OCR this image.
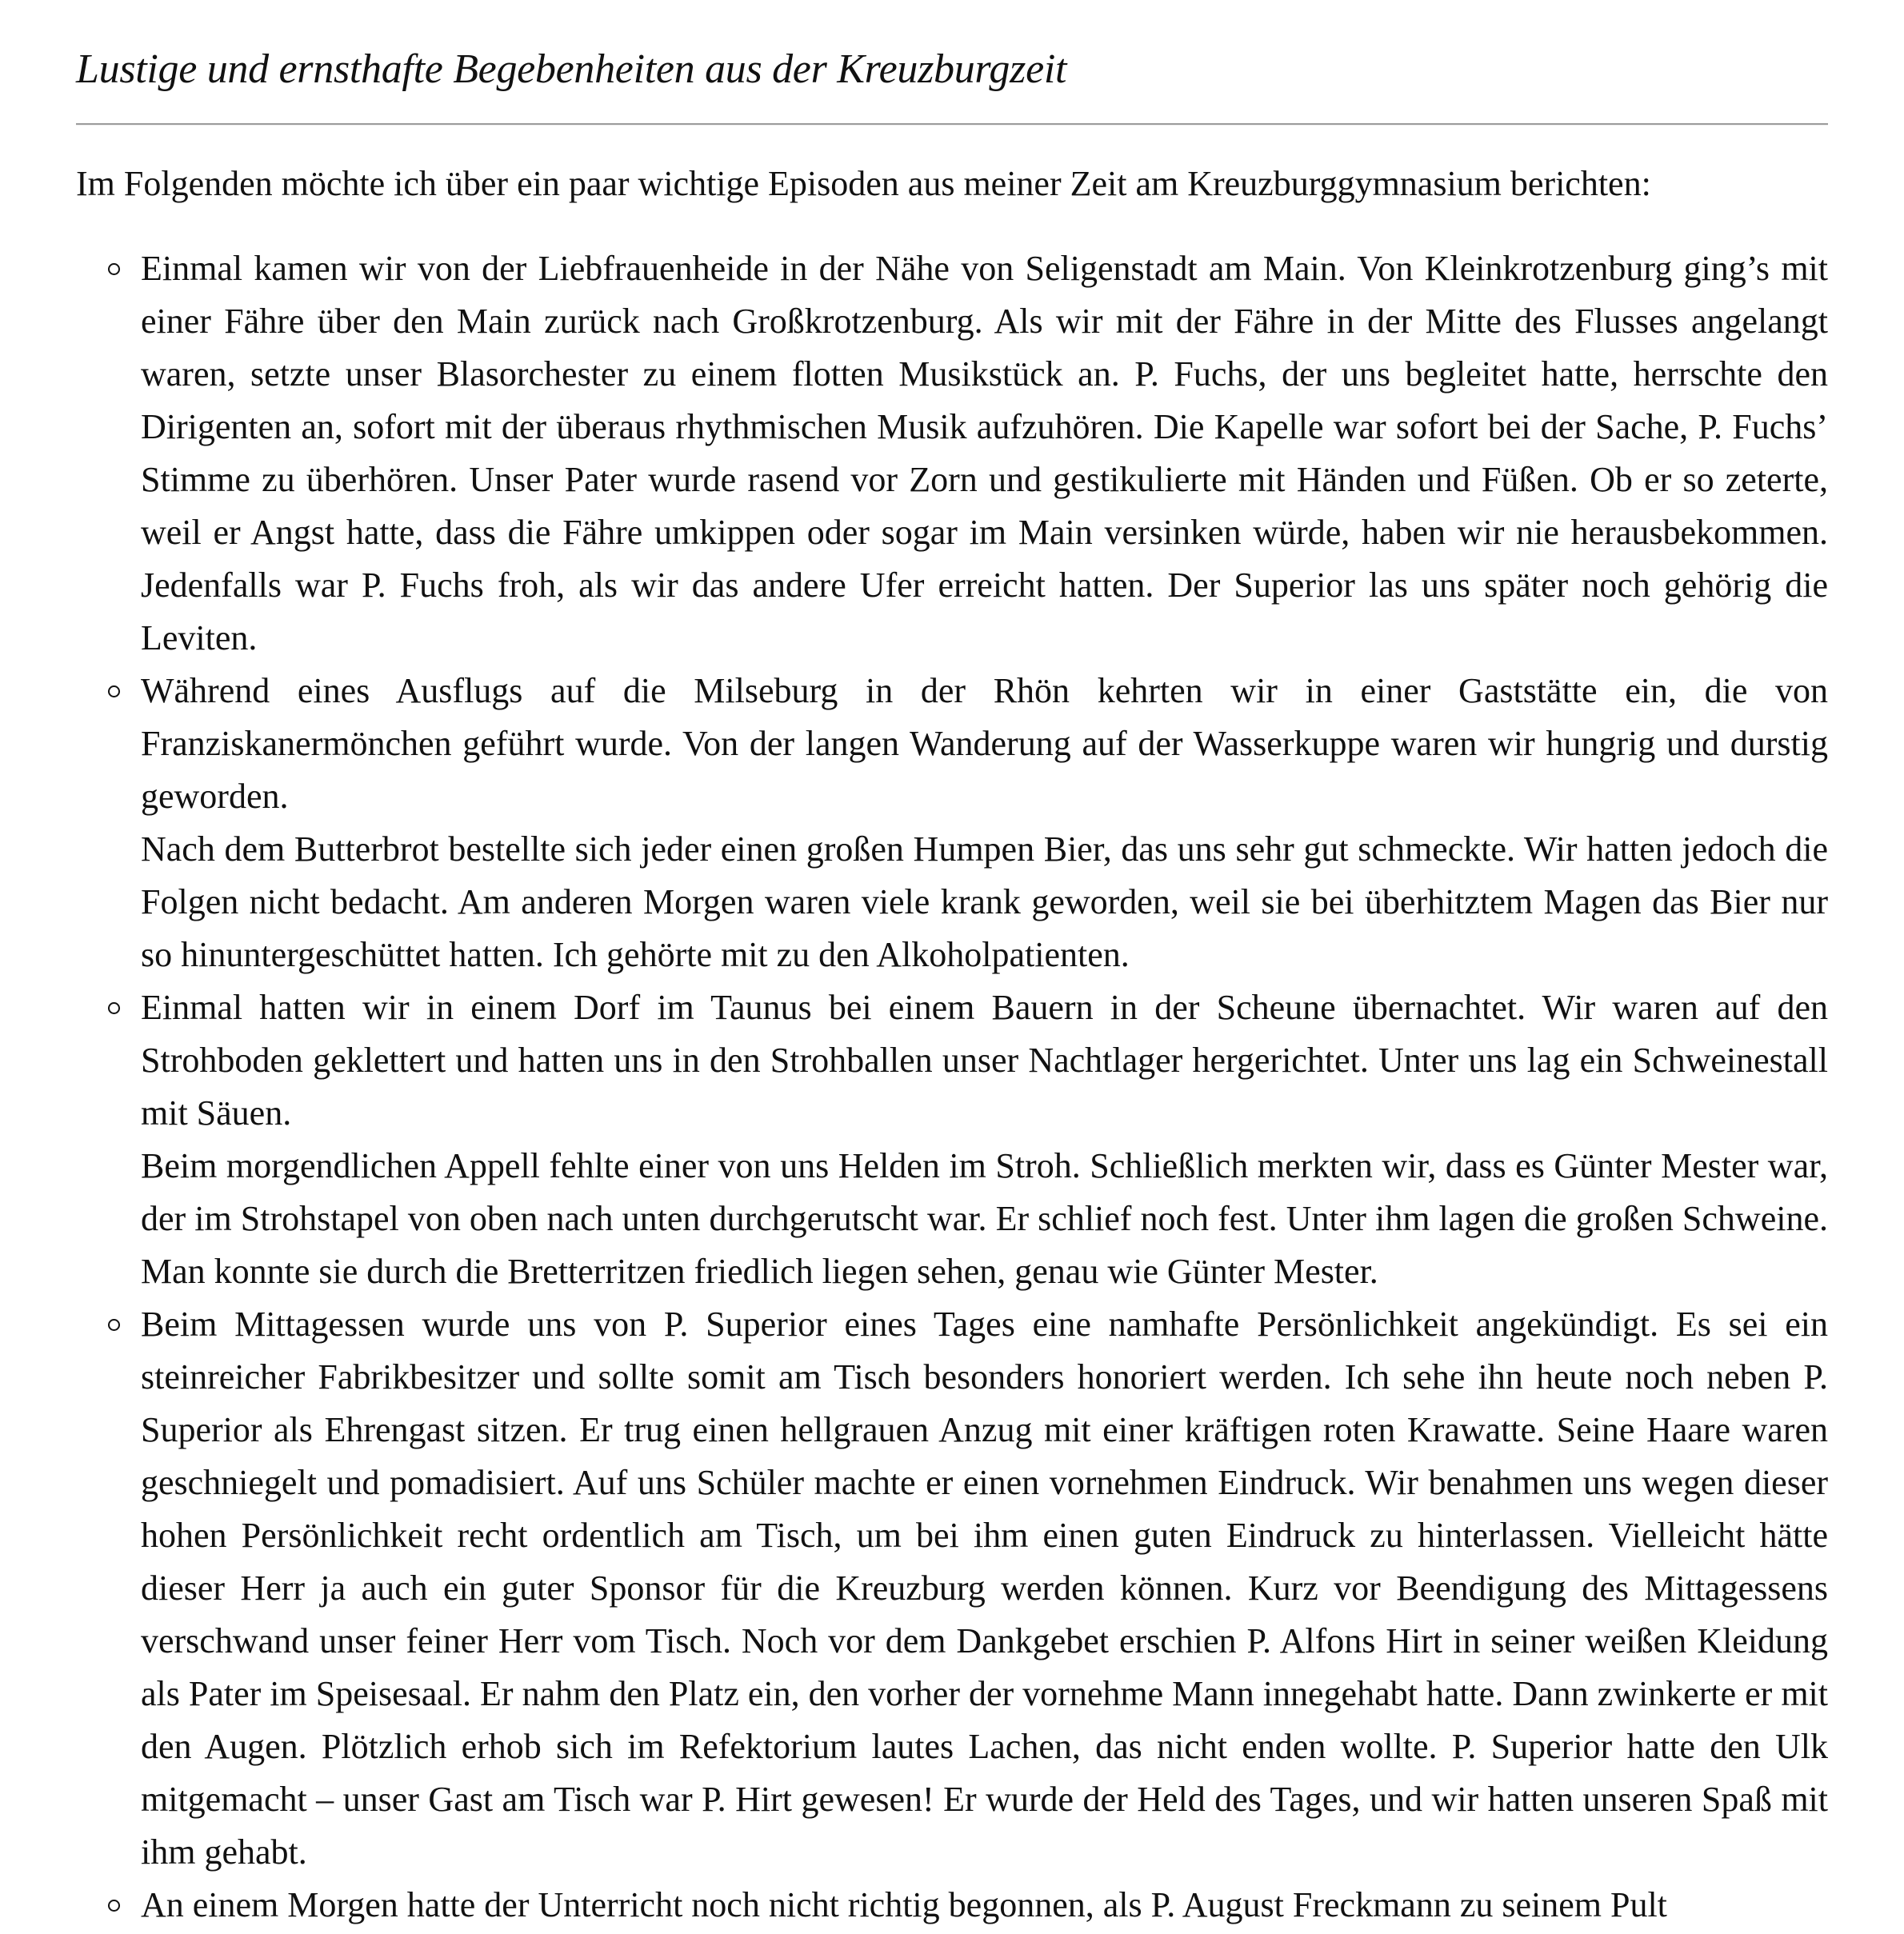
Lustige und ernsthafte Begebenheiten aus der Kreuzburgzeit

Im Folgenden möchte ich über ein paar wichtige Episoden aus meiner Zeit am Kreuzburggymnasium berichten:

Einmal kamen wir von der Liebfrauenheide in der Nähe von Seligenstadt am Main. Von Kleinkrotzenburg ging’s mit einer Fähre über den Main zurück nach Großkrotzenburg. Als wir mit der Fähre in der Mitte des Flusses angelangt waren, setzte unser Blasorchester zu einem flotten Musikstück an. P. Fuchs, der uns begleitet hatte, herrschte den Dirigenten an, sofort mit der überaus rhythmischen Musik aufzuhören. Die Kapelle war sofort bei der Sache, P. Fuchs’ Stimme zu überhören. Unser Pater wurde rasend vor Zorn und gestikulierte mit Händen und Füßen. Ob er so zeterte, weil er Angst hatte, dass die Fähre umkippen oder sogar im Main versinken würde, haben wir nie herausbekommen. Jedenfalls war P. Fuchs froh, als wir das andere Ufer erreicht hatten. Der Superior las uns später noch gehörig die Leviten.
Während eines Ausflugs auf die Milseburg in der Rhön kehrten wir in einer Gaststätte ein, die von Franziskanermönchen geführt wurde. Von der langen Wanderung auf der Wasserkuppe waren wir hungrig und durstig geworden.
Nach dem Butterbrot bestellte sich jeder einen großen Humpen Bier, das uns sehr gut schmeckte. Wir hatten jedoch die Folgen nicht bedacht. Am anderen Morgen waren viele krank geworden, weil sie bei überhitztem Magen das Bier nur so hinuntergeschüttet hatten. Ich gehörte mit zu den Alkoholpatienten.
Einmal hatten wir in einem Dorf im Taunus bei einem Bauern in der Scheune übernachtet. Wir waren auf den Strohboden geklettert und hatten uns in den Strohballen unser Nachtlager hergerichtet. Unter uns lag ein Schweinestall mit Säuen.
Beim morgendlichen Appell fehlte einer von uns Helden im Stroh. Schließlich merkten wir, dass es Günter Mester war, der im Strohstapel von oben nach unten durchgerutscht war. Er schlief noch fest. Unter ihm lagen die großen Schweine. Man konnte sie durch die Bretterritzen friedlich liegen sehen, genau wie Günter Mester.
Beim Mittagessen wurde uns von P. Superior eines Tages eine namhafte Persönlichkeit angekündigt. Es sei ein steinreicher Fabrikbesitzer und sollte somit am Tisch besonders honoriert werden. Ich sehe ihn heute noch neben P. Superior als Ehrengast sitzen. Er trug einen hellgrauen Anzug mit einer kräftigen roten Krawatte. Seine Haare waren geschniegelt und pomadisiert. Auf uns Schüler machte er einen vornehmen Eindruck. Wir benahmen uns wegen dieser hohen Persönlichkeit recht ordentlich am Tisch, um bei ihm einen guten Eindruck zu hinterlassen. Vielleicht hätte dieser Herr ja auch ein guter Sponsor für die Kreuzburg werden können. Kurz vor Beendigung des Mittagessens verschwand unser feiner Herr vom Tisch. Noch vor dem Dankgebet erschien P. Alfons Hirt in seiner weißen Kleidung als Pater im Speisesaal. Er nahm den Platz ein, den vorher der vornehme Mann innegehabt hatte. Dann zwinkerte er mit den Augen. Plötzlich erhob sich im Refektorium lautes Lachen, das nicht enden wollte. P. Superior hatte den Ulk mitgemacht – unser Gast am Tisch war P. Hirt gewesen! Er wurde der Held des Tages, und wir hatten unseren Spaß mit ihm gehabt.
An einem Morgen hatte der Unterricht noch nicht richtig begonnen, als P. August Freckmann zu seinem Pult
